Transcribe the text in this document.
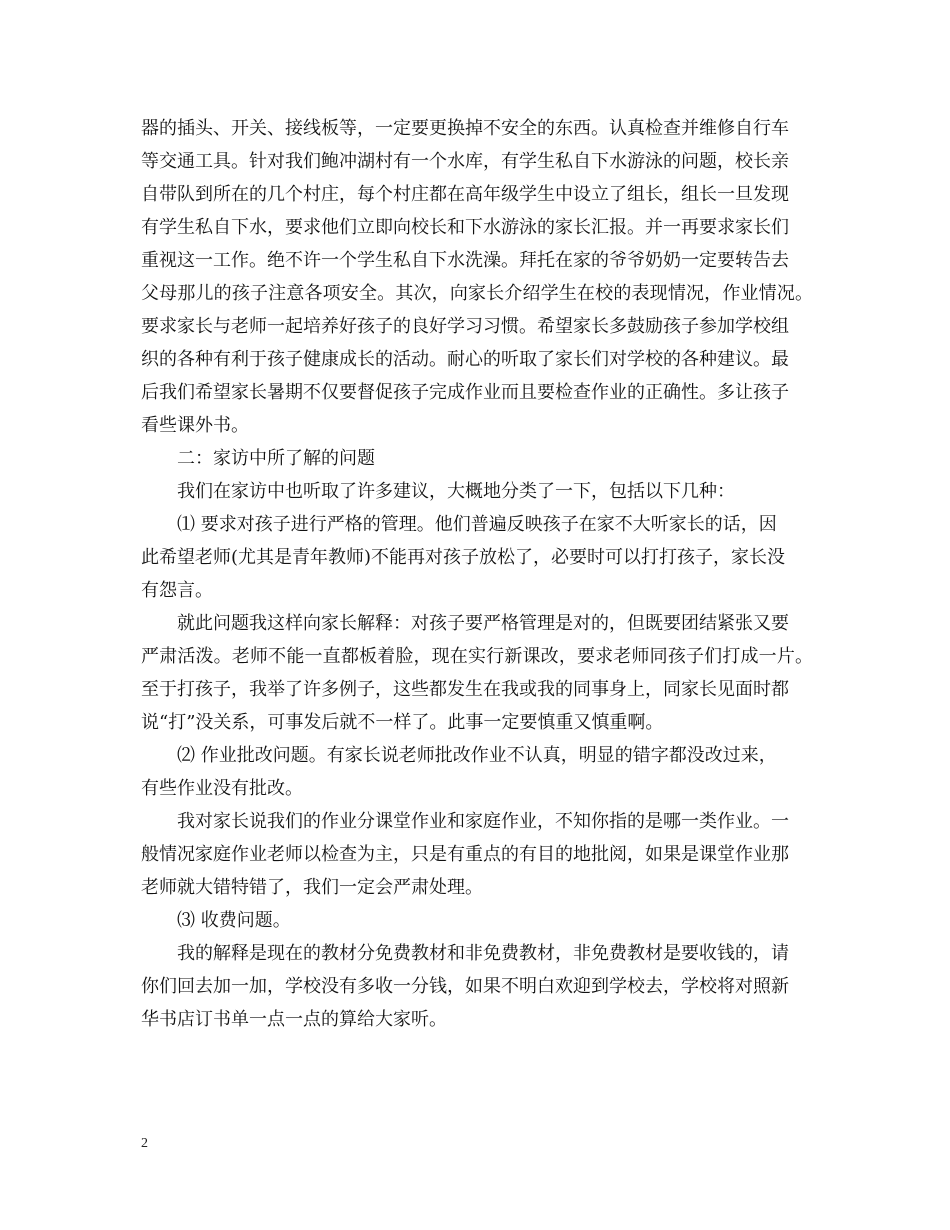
器的插头、开关、接线板等，一定要更换掉不安全的东西。认真检查并维修自行车
等交通工具。针对我们鲍冲湖村有一个水库，有学生私自下水游泳的问题，校长亲
自带队到所在的几个村庄，每个村庄都在高年级学生中设立了组长，组长一旦发现
有学生私自下水，要求他们立即向校长和下水游泳的家长汇报。并一再要求家长们
重视这一工作。绝不许一个学生私自下水洗澡。拜托在家的爷爷奶奶一定要转告去
父母那儿的孩子注意各项安全。其次，向家长介绍学生在校的表现情况，作业情况。
要求家长与老师一起培养好孩子的良好学习习惯。希望家长多鼓励孩子参加学校组
织的各种有利于孩子健康成长的活动。耐心的听取了家长们对学校的各种建议。最
后我们希望家长暑期不仅要督促孩子完成作业而且要检查作业的正确性。多让孩子
看些课外书。
二：家访中所了解的问题
我们在家访中也听取了许多建议，大概地分类了一下，包括以下几种：
⑴ 要求对孩子进行严格的管理。他们普遍反映孩子在家不大听家长的话，因
此希望老师(尤其是青年教师)不能再对孩子放松了，必要时可以打打孩子，家长没
有怨言。
就此问题我这样向家长解释：对孩子要严格管理是对的，但既要团结紧张又要
严肃活泼。老师不能一直都板着脸，现在实行新课改，要求老师同孩子们打成一片。
至于打孩子，我举了许多例子，这些都发生在我或我的同事身上，同家长见面时都
说“打”没关系，可事发后就不一样了。此事一定要慎重又慎重啊。
⑵ 作业批改问题。有家长说老师批改作业不认真，明显的错字都没改过来，
有些作业没有批改。
我对家长说我们的作业分课堂作业和家庭作业，不知你指的是哪一类作业。一
般情况家庭作业老师以检查为主，只是有重点的有目的地批阅，如果是课堂作业那
老师就大错特错了，我们一定会严肃处理。
⑶ 收费问题。
我的解释是现在的教材分免费教材和非免费教材，非免费教材是要收钱的，请
你们回去加一加，学校没有多收一分钱，如果不明白欢迎到学校去，学校将对照新
华书店订书单一点一点的算给大家听。
2
